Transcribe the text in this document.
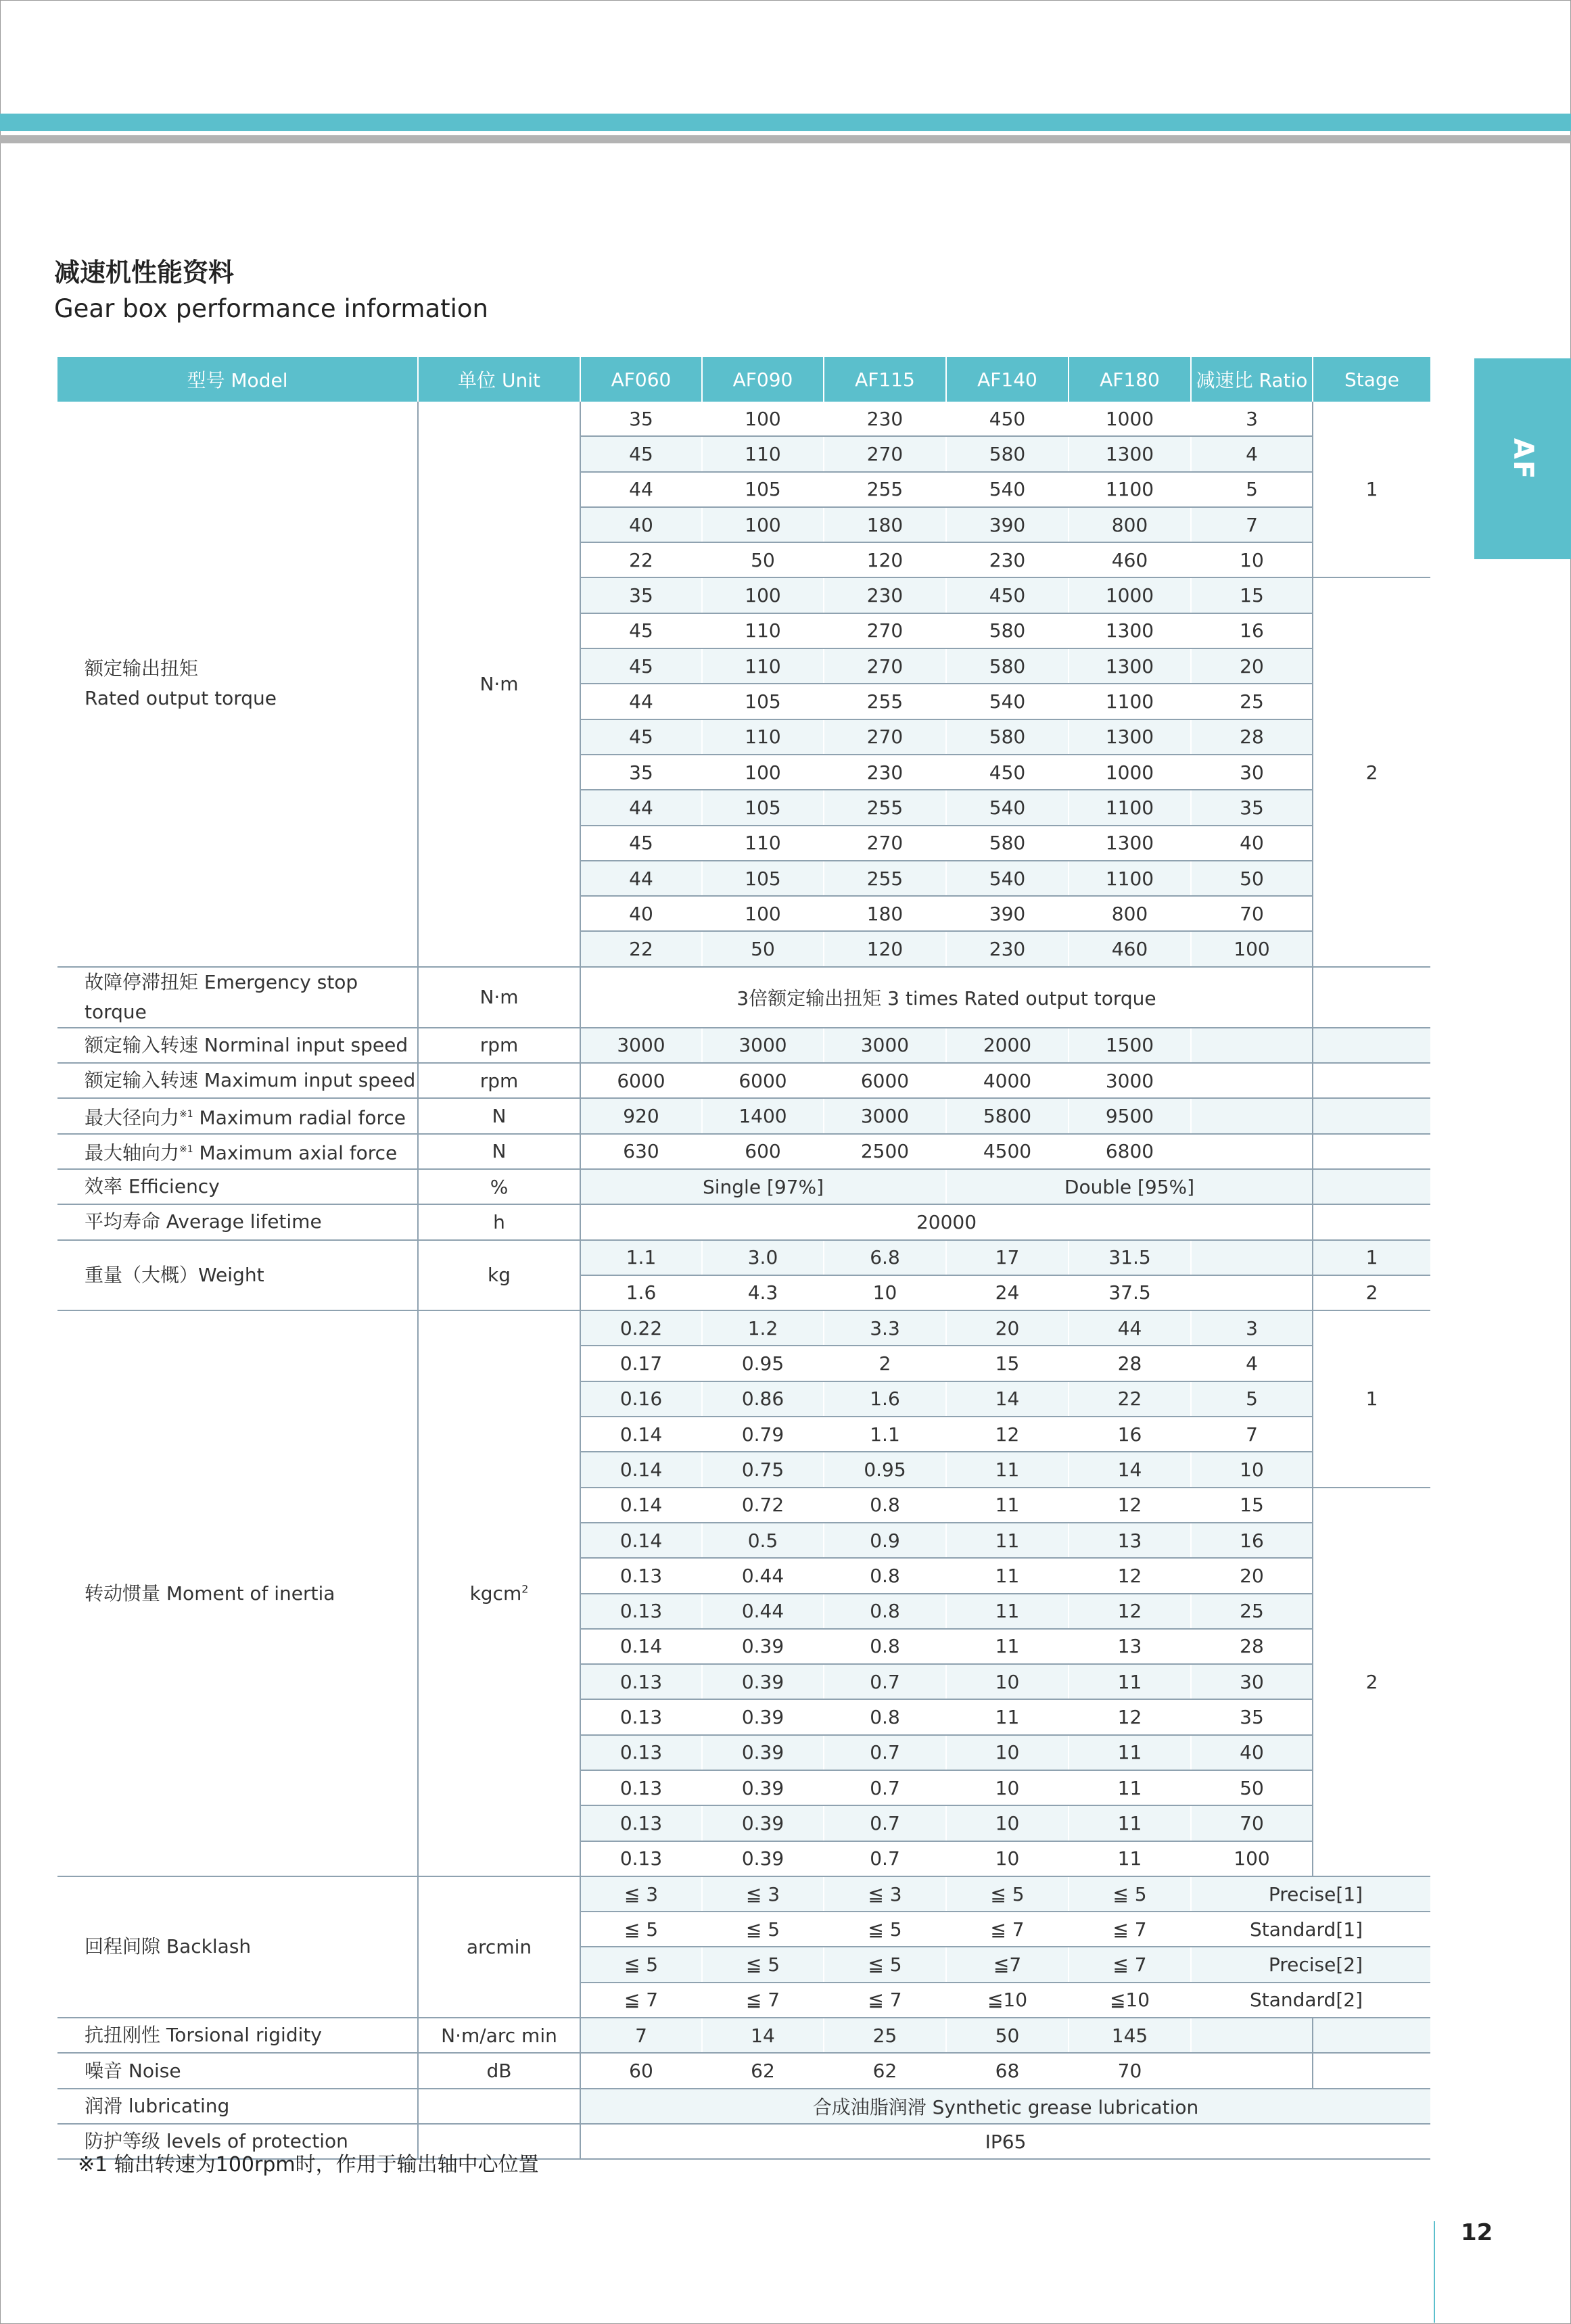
减速机性能资料
Gear box performance information
AF
型号 Model	单位 Unit	AF060	AF090	AF115	AF140	AF180	减速比 Ratio	Stage

额定输出扭矩
Rated output torque	N·m	35	100	230	450	1000	3	1
		45	110	270	580	1300	4	
		44	105	255	540	1100	5	
		40	100	180	390	800	7	
		22	50	120	230	460	10	
		35	100	230	450	1000	15	2
		45	110	270	580	1300	16	
		45	110	270	580	1300	20	
		44	105	255	540	1100	25	
		45	110	270	580	1300	28	
		35	100	230	450	1000	30	
		44	105	255	540	1100	35	
		45	110	270	580	1300	40	
		44	105	255	540	1100	50	
		40	100	180	390	800	70	
		22	50	120	230	460	100	
故障停滞扭矩 Emergency stop torque	N·m	3倍额定输出扭矩 3 times Rated output torque						
额定输入转速 Norminal input speed	rpm	3000	3000	3000	2000	1500		
额定输入转速 Maximum input speed	rpm	6000	6000	6000	4000	3000		
最大径向力$^{※1}$ Maximum radial force	N	920	1400	3000	5800	9500		
最大轴向力$^{※1}$ Maximum axial force	N	630	600	2500	4500	6800		
效率 Efficiency	%	Single [97%]			Double [95%]			
平均寿命 Average lifetime	h	20000						
重量（大概）Weight	kg	1.1	3.0	6.8	17	31.5		1
		1.6	4.3	10	24	37.5		2
转动惯量 Moment of inertia	kgcm$^2$	0.22	1.2	3.3	20	44	3	1
		0.17	0.95	2	15	28	4	
		0.16	0.86	1.6	14	22	5	
		0.14	0.79	1.1	12	16	7	
		0.14	0.75	0.95	11	14	10	
		0.14	0.72	0.8	11	12	15	2
		0.14	0.5	0.9	11	13	16	
		0.13	0.44	0.8	11	12	20	
		0.13	0.44	0.8	11	12	25	
		0.14	0.39	0.8	11	13	28	
		0.13	0.39	0.7	10	11	30	
		0.13	0.39	0.8	11	12	35	
		0.13	0.39	0.7	10	11	40	
		0.13	0.39	0.7	10	11	50	
		0.13	0.39	0.7	10	11	70	
		0.13	0.39	0.7	10	11	100	
回程间隙 Backlash	arcmin	≦ 3	≦ 3	≦ 3	≦ 5	≦ 5	Precise[1]	
		≦ 5	≦ 5	≦ 5	≦ 7	≦ 7	Standard[1]	
		≦ 5	≦ 5	≦ 5	≦7	≦ 7	Precise[2]	
		≦ 7	≦ 7	≦ 7	≦10	≦10	Standard[2]	
抗扭刚性 Torsional rigidity	N·m/arc min	7	14	25	50	145		
噪音 Noise	dB	60	62	62	68	70		
润滑 lubricating		合成油脂润滑 Synthetic grease lubrication						
防护等级 levels of protection		IP65						
※1 输出转速为100rpm时，作用于输出轴中心位置
12
